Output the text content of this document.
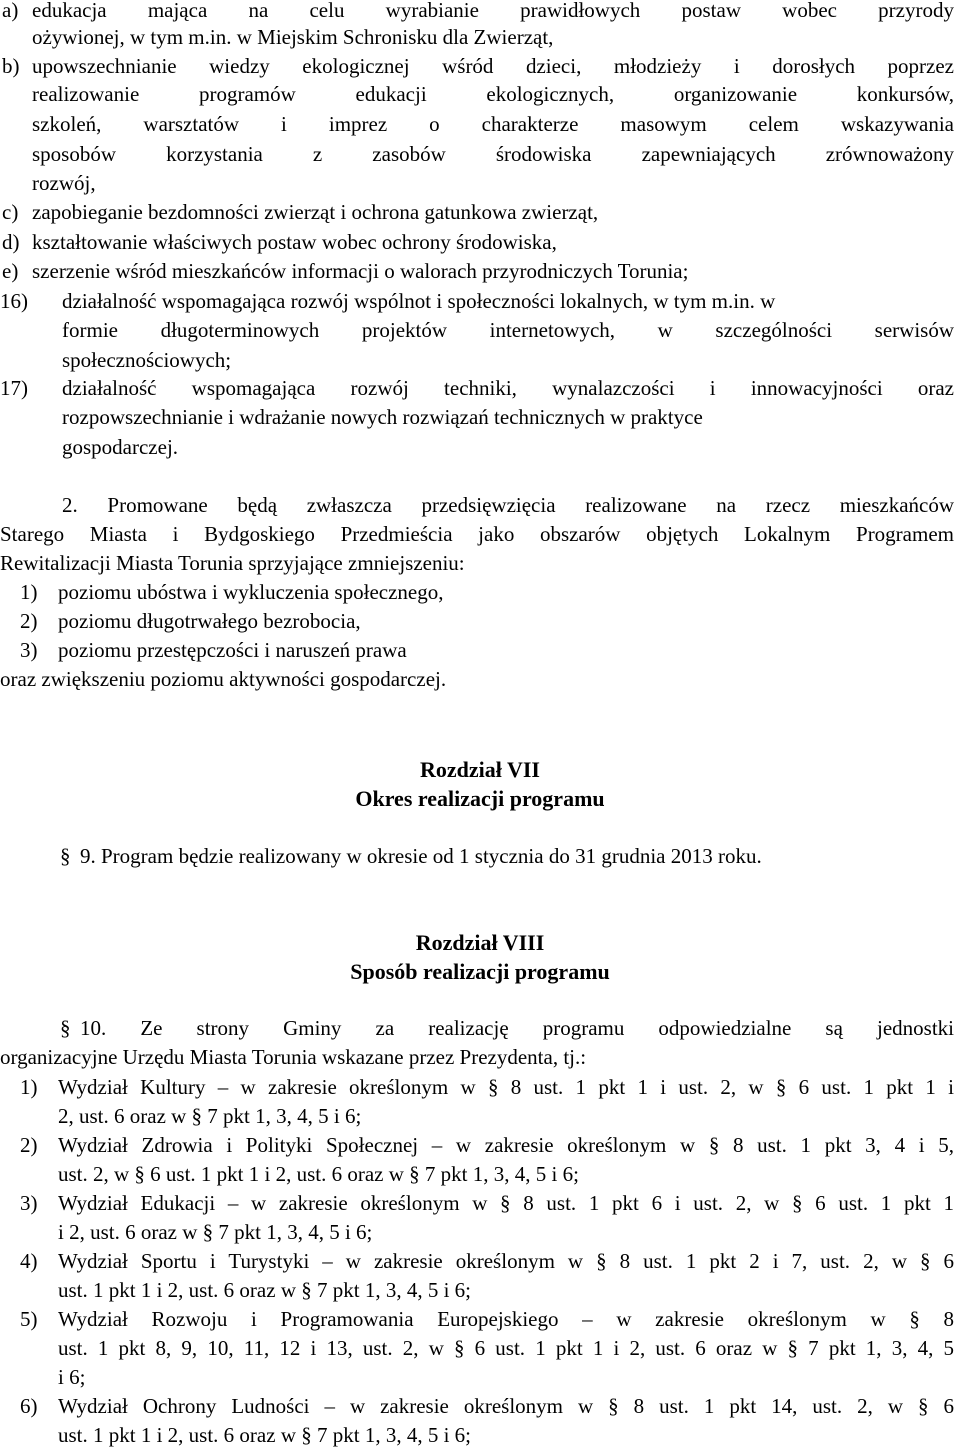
a) edukacja mająca na celu wyrabianie prawidłowych postaw wobec przyrody
ożywionej, w tym m.in. w Miejskim Schronisku dla Zwierząt,
b) upowszechnianie wiedzy ekologicznej wśród dzieci, młodzieży i dorosłych poprzez
realizowanie programów edukacji ekologicznych, organizowanie konkursów,
szkoleń, warsztatów i imprez o charakterze masowym celem wskazywania
sposobów korzystania z zasobów środowiska zapewniających zrównoważony
rozwój,
c) zapobieganie bezdomności zwierząt i ochrona gatunkowa zwierząt,
d) kształtowanie właściwych postaw wobec ochrony środowiska,
e) szerzenie wśród mieszkańców informacji o walorach przyrodniczych Torunia;
16) działalność wspomagająca rozwój wspólnot i społeczności lokalnych, w tym m.in. w
formie długoterminowych projektów internetowych, w szczególności serwisów
społecznościowych;
17) działalność wspomagająca rozwój techniki, wynalazczości i innowacyjności oraz
rozpowszechnianie i wdrażanie nowych rozwiązań technicznych w praktyce
gospodarczej.
2. Promowane będą zwłaszcza przedsięwzięcia realizowane na rzecz mieszkańców
Starego Miasta i Bydgoskiego Przedmieścia jako obszarów objętych Lokalnym Programem
Rewitalizacji Miasta Torunia sprzyjające zmniejszeniu:
1) poziomu ubóstwa i wykluczenia społecznego,
2) poziomu długotrwałego bezrobocia,
3) poziomu przestępczości i naruszeń prawa
oraz zwiększeniu poziomu aktywności gospodarczej.
Rozdział VII
Okres realizacji programu
§ 9. Program będzie realizowany w okresie od 1 stycznia do 31 grudnia 2013 roku.
Rozdział VIII
Sposób realizacji programu
§ 10. Ze strony Gminy za realizację programu odpowiedzialne są jednostki
organizacyjne Urzędu Miasta Torunia wskazane przez Prezydenta, tj.:
1) Wydział Kultury – w zakresie określonym w § 8 ust. 1 pkt 1 i ust. 2, w § 6 ust. 1 pkt 1 i
2, ust. 6 oraz w § 7 pkt 1, 3, 4, 5 i 6;
2) Wydział Zdrowia i Polityki Społecznej – w zakresie określonym w § 8 ust. 1 pkt 3, 4 i 5,
ust. 2, w § 6 ust. 1 pkt 1 i 2, ust. 6 oraz w § 7 pkt 1, 3, 4, 5 i 6;
3) Wydział Edukacji – w zakresie określonym w § 8 ust. 1 pkt 6 i ust. 2, w § 6 ust. 1 pkt 1
i 2, ust. 6 oraz w § 7 pkt 1, 3, 4, 5 i 6;
4) Wydział Sportu i Turystyki – w zakresie określonym w § 8 ust. 1 pkt 2 i 7, ust. 2, w § 6
ust. 1 pkt 1 i 2, ust. 6 oraz w § 7 pkt 1, 3, 4, 5 i 6;
5) Wydział Rozwoju i Programowania Europejskiego – w zakresie określonym w § 8
ust. 1 pkt 8, 9, 10, 11, 12 i 13, ust. 2, w § 6 ust. 1 pkt 1 i 2, ust. 6 oraz w § 7 pkt 1, 3, 4, 5
i 6;
6) Wydział Ochrony Ludności – w zakresie określonym w § 8 ust. 1 pkt 14, ust. 2, w § 6
ust. 1 pkt 1 i 2, ust. 6 oraz w § 7 pkt 1, 3, 4, 5 i 6;
